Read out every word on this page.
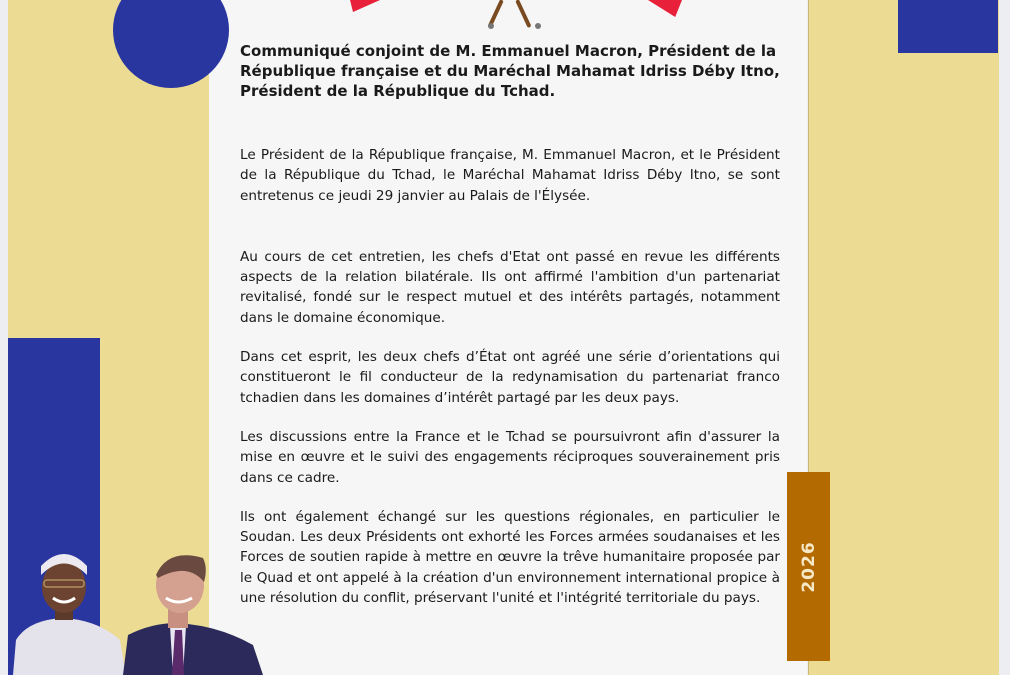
Communiqué conjoint de M. Emmanuel Macron, Président de la République française et du Maréchal Mahamat Idriss Déby Itno, Président de la République du Tchad.

Le Président de la République française, M. Emmanuel Macron, et le Président de la République du Tchad, le Maréchal Mahamat Idriss Déby Itno, se sont entretenus ce jeudi 29 janvier au Palais de l'Élysée.

Au cours de cet entretien, les chefs d'Etat ont passé en revue les différents aspects de la relation bilatérale. Ils ont affirmé l'ambition d'un partenariat revitalisé, fondé sur le respect mutuel et des intérêts partagés, notamment dans le domaine économique.

Dans cet esprit, les deux chefs d’État ont agréé une série d’orientations qui constitueront le fil conducteur de la redynamisation du partenariat franco tchadien dans les domaines d’intérêt partagé par les deux pays.

Les discussions entre la France et le Tchad se poursuivront afin d'assurer la mise en œuvre et le suivi des engagements réciproques souverainement pris dans ce cadre.

Ils ont également échangé sur les questions régionales, en particulier le Soudan. Les deux Présidents ont exhorté les Forces armées soudanaises et les Forces de soutien rapide à mettre en œuvre la trêve humanitaire proposée par le Quad et ont appelé à la création d'un environnement international propice à une résolution du conflit, préservant l'unité et l'intégrité territoriale du pays.

2026
